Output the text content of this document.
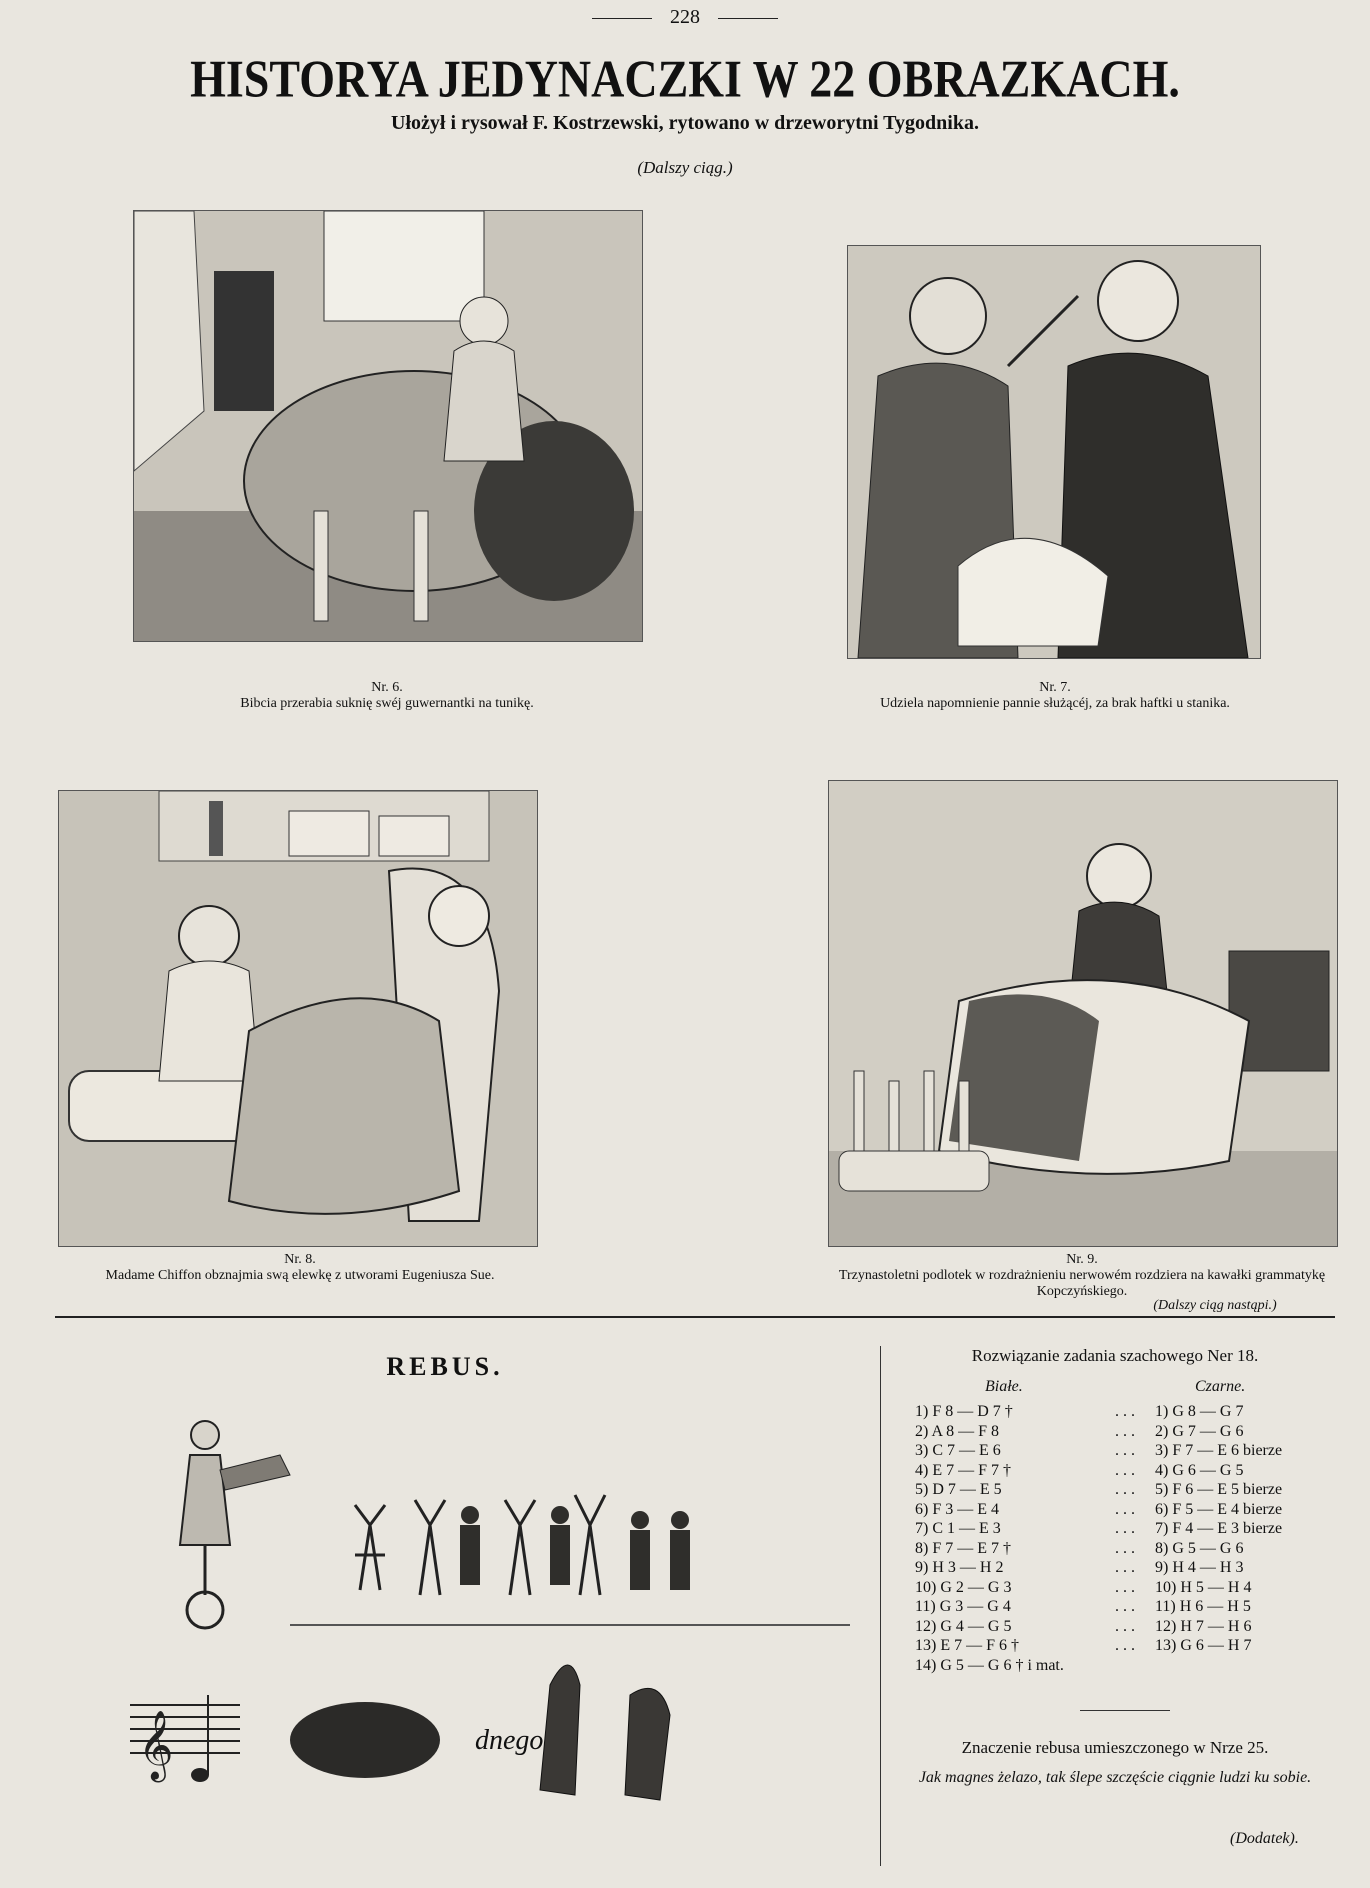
228
HISTORYA JEDYNACZKI W 22 OBRAZKACH.
Ułożył i rysował F. Kostrzewski, rytowano w drzeworytni Tygodnika.
(Dalszy ciąg.)
Nr. 6.
Bibcia przerabia suknię swéj guwernantki na tunikę.
Nr. 7.
Udziela napomnienie pannie służącéj, za brak haftki u stanika.
Nr. 8.
Madame Chiffon obznajmia swą elewkę z utworami Eugeniusza Sue.
Nr. 9.
Trzynastoletni podlotek w rozdrażnieniu nerwowém rozdziera na kawałki grammatykę Kopczyńskiego.
(Dalszy ciąg nastąpi.)
REBUS.
𝄞	dnego
Rozwiązanie zadania szachowego Ner 18.
Białe.	Czarne.
1) F 8 — D 7 †	. . .	1) G 8 — G 7
2) A 8 — F 8	. . .	2) G 7 — G 6
3) C 7 — E 6	. . .	3) F 7 — E 6 bierze
4) E 7 — F 7 †	. . .	4) G 6 — G 5
5) D 7 — E 5	. . .	5) F 6 — E 5 bierze
6) F 3 — E 4	. . .	6) F 5 — E 4 bierze
7) C 1 — E 3	. . .	7) F 4 — E 3 bierze
8) F 7 — E 7 †	. . .	8) G 5 — G 6
9) H 3 — H 2	. . .	9) H 4 — H 3
10) G 2 — G 3	. . .	10) H 5 — H 4
11) G 3 — G 4	. . .	11) H 6 — H 5
12) G 4 — G 5	. . .	12) H 7 — H 6
13) E 7 — F 6 †	. . .	13) G 6 — H 7
14) G 5 — G 6 † i mat.
Znaczenie rebusa umieszczonego w Nrze 25.
Jak magnes żelazo, tak ślepe szczęście ciągnie ludzi ku sobie.
(Dodatek).
